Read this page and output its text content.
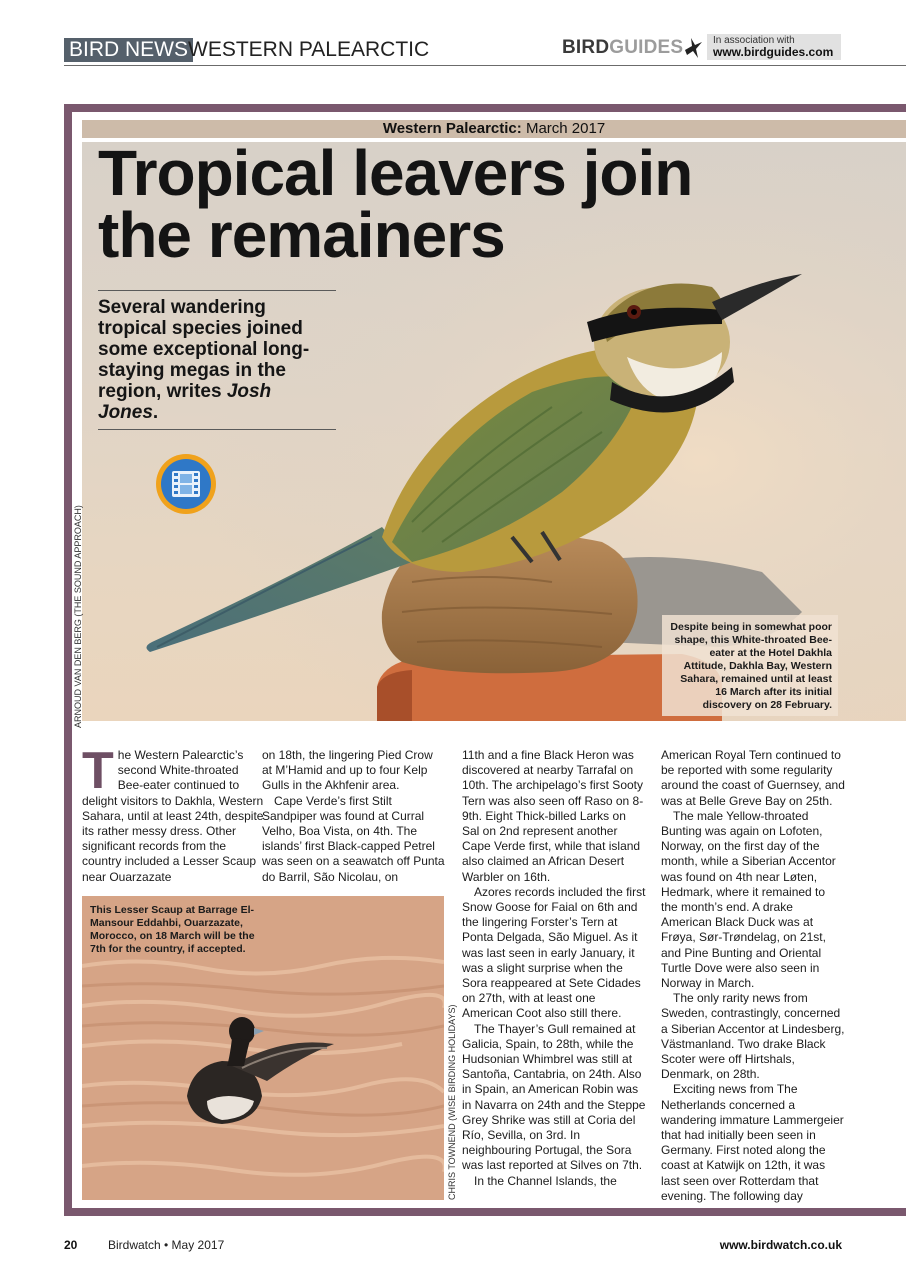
BIRD NEWS WESTERN PALEARCTIC	BIRDGUIDES	In association with
www.birdguides.com
Western Palearctic: March 2017
Tropical leavers join
the remainers
Several wandering tropical species joined some exceptional long-staying megas in the region, writes Josh Jones.
Despite being in somewhat poor shape, this White-throated Bee-eater at the Hotel Dakhla Attitude, Dakhla Bay, Western Sahara, remained until at least 16 March after its initial discovery on 28 February.
ARNOUD VAN DEN BERG (THE SOUND APPROACH)
CHRIS TOWNEND (WISE BIRDING HOLIDAYS)

The Western Palearctic’s second White-throated Bee-eater continued to delight visitors to Dakhla, Western Sahara, until at least 24th, despite its rather messy dress. Other significant records from the country included a Lesser Scaup near Ouarzazate

on 18th, the lingering Pied Crow at M’Hamid and up to four Kelp Gulls in the Akhfenir area.

Cape Verde’s first Stilt Sandpiper was found at Curral Velho, Boa Vista, on 4th. The islands’ first Black-capped Petrel was seen on a seawatch off Punta do Barril, São Nicolau, on

11th and a fine Black Heron was discovered at nearby Tarrafal on 10th. The archipelago’s first Sooty Tern was also seen off Raso on 8-9th. Eight Thick-billed Larks on Sal on 2nd represent another Cape Verde first, while that island also claimed an African Desert Warbler on 16th.

Azores records included the first Snow Goose for Faial on 6th and the lingering Forster’s Tern at Ponta Delgada, São Miguel. As it was last seen in early January, it was a slight surprise when the Sora reappeared at Sete Cidades on 27th, with at least one American Coot also still there.

The Thayer’s Gull remained at Galicia, Spain, to 28th, while the Hudsonian Whimbrel was still at Santoña, Cantabria, on 24th. Also in Spain, an American Robin was in Navarra on 24th and the Steppe Grey Shrike was still at Coria del Río, Sevilla, on 3rd. In neighbouring Portugal, the Sora was last reported at Silves on 7th.

In the Channel Islands, the

American Royal Tern continued to be reported with some regularity around the coast of Guernsey, and was at Belle Greve Bay on 25th.

The male Yellow-throated Bunting was again on Lofoten, Norway, on the first day of the month, while a Siberian Accentor was found on 4th near Løten, Hedmark, where it remained to the month’s end. A drake American Black Duck was at Frøya, Sør-Trøndelag, on 21st, and Pine Bunting and Oriental Turtle Dove were also seen in Norway in March.

The only rarity news from Sweden, contrastingly, concerned a Siberian Accentor at Lindesberg, Västmanland. Two drake Black Scoter were off Hirtshals, Denmark, on 28th.

Exciting news from The Netherlands concerned a wandering immature Lammergeier that had initially been seen in Germany. First noted along the coast at Katwijk on 12th, it was last seen over Rotterdam that evening. The following day

This Lesser Scaup at Barrage El-Mansour Eddahbi, Ouarzazate, Morocco, on 18 March will be the 7th for the country, if accepted.
20	Birdwatch • May 2017	www.birdwatch.co.uk
